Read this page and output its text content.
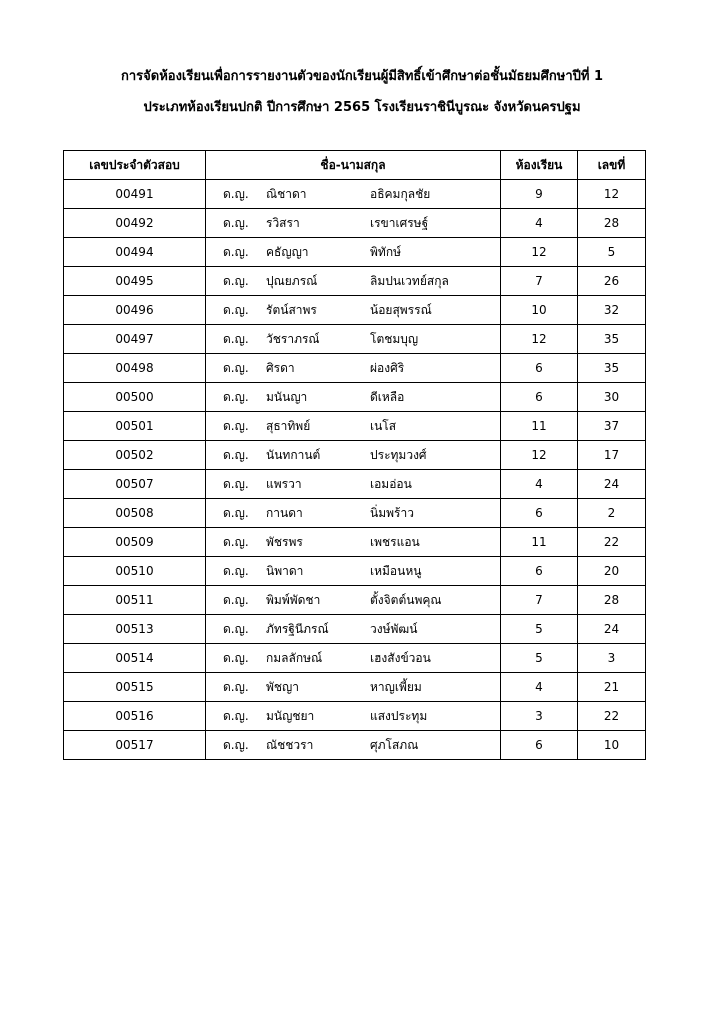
การจัดห้องเรียนเพื่อการรายงานตัวของนักเรียนผู้มีสิทธิ์เข้าศึกษาต่อชั้นมัธยมศึกษาปีที่ 1
ประเภทห้องเรียนปกติ ปีการศึกษา 2565 โรงเรียนราชินีบูรณะ จังหวัดนครปฐม
เลขประจำตัวสอบ	ชื่อ-นามสกุล	ห้องเรียน	เลขที่
00491	ด.ญ. ณิชาดา อธิคมกุลชัย	9	12
00492	ด.ญ. รวิสรา เรขาเศรษฐ์	4	28
00494	ด.ญ. คธัญญา พิทักษ์	12	5
00495	ด.ญ. ปุณยภรณ์ ลิมปนเวทย์สกุล	7	26
00496	ด.ญ. รัตน์สาพร น้อยสุพรรณ์	10	32
00497	ด.ญ. วัชราภรณ์ โตชมบุญ	12	35
00498	ด.ญ. ศิรดา ผ่องศิริ	6	35
00500	ด.ญ. มนันญา ดีเหลือ	6	30
00501	ด.ญ. สุธาทิพย์ เนโส	11	37
00502	ด.ญ. นันทกานต์ ประทุมวงศ์	12	17
00507	ด.ญ. แพรวา เอมอ่อน	4	24
00508	ด.ญ. กานดา นิ่มพร้าว	6	2
00509	ด.ญ. พัชรพร เพชรแอน	11	22
00510	ด.ญ. นิพาดา เหมือนหนู	6	20
00511	ด.ญ. พิมพ์พัดชา ตั้งจิตต์นพคุณ	7	28
00513	ด.ญ. ภัทรฐินีภรณ์ วงษ์พัฒน์	5	24
00514	ด.ญ. กมลลักษณ์ เฮงสังข์วอน	5	3
00515	ด.ญ. พัชญา หาญเพี้ยม	4	21
00516	ด.ญ. มนัญชยา แสงประทุม	3	22
00517	ด.ญ. ณัชชวรา ศุภโสภณ	6	10
